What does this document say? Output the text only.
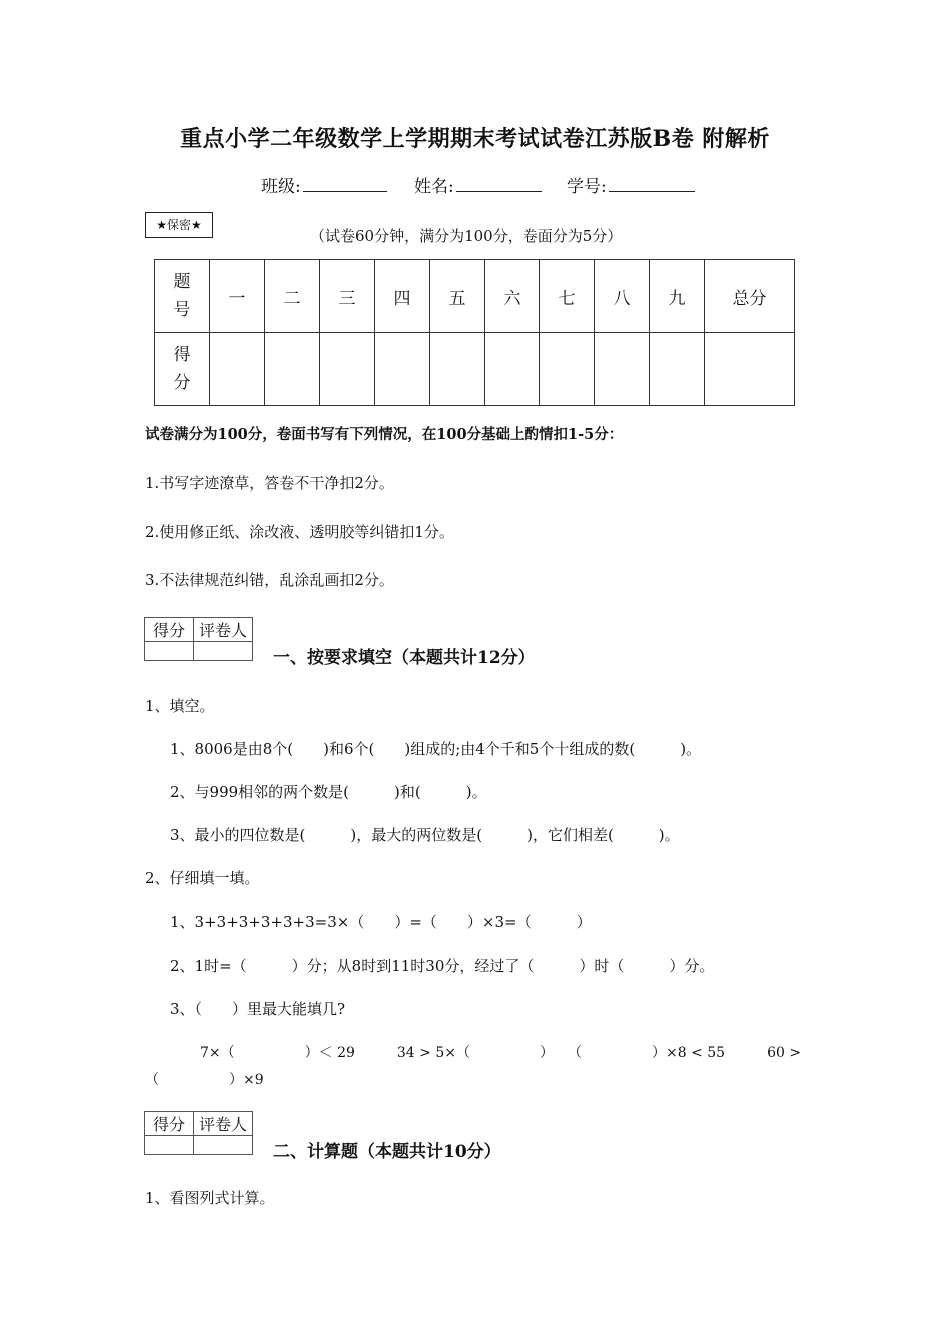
重点小学二年级数学上学期期末考试试卷江苏版B卷 附解析
班级:	姓名:	学号:
★保密★
（试卷60分钟，满分为100分，卷面分为5分）
题号	一	二	三	四	五	六	七	八	九	总分
得分										
试卷满分为100分，卷面书写有下列情况，在100分基础上酌情扣1-5分：
1.书写字迹潦草，答卷不干净扣2分。
2.使用修正纸、涂改液、透明胶等纠错扣1分。
3.不法律规范纠错，乱涂乱画扣2分。
得分	评卷人

一、按要求填空（本题共计12分）
1、填空。
1、8006是由8个(　　)和6个(　　)组成的;由4个千和5个十组成的数(　　　)。
2、与999相邻的两个数是(　　　)和(　　　)。
3、最小的四位数是(　　　)，最大的两位数是(　　　)，它们相差(　　　)。
2、仔细填一填。
1、3+3+3+3+3+3=3×（　　）=（　　）×3=（　　　）
2、1时=（　　　）分；从8时到11时30分，经过了（　　　）时（　　　）分。
3、（　　）里最大能填几?
7×（　　　　　）＜ 29　　　34 > 5×（　　　　　）　　（　　　　　）×8 < 55　　　60 >
（　　　　　）×9
得分	评卷人

二、计算题（本题共计10分）
1、看图列式计算。
